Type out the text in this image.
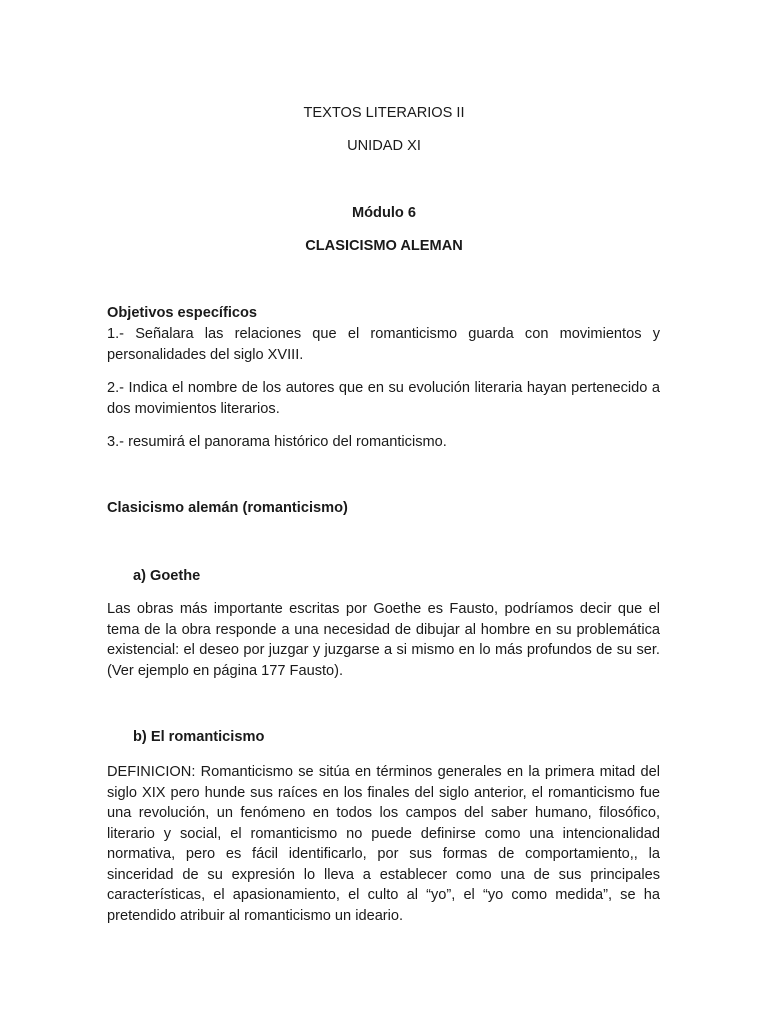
TEXTOS LITERARIOS II
UNIDAD XI
Módulo 6
CLASICISMO ALEMAN
Objetivos específicos

1.- Señalara las relaciones que el romanticismo guarda con movimientos y personalidades del siglo XVIII.

2.- Indica el nombre de los autores que en su evolución literaria hayan pertenecido a dos movimientos literarios.

3.- resumirá el panorama histórico del romanticismo.

Clasicismo alemán (romanticismo)
a) Goethe

Las obras más importante escritas por Goethe es Fausto, podríamos decir que el tema de la obra responde a una necesidad de dibujar al hombre en su problemática existencial: el deseo por juzgar y juzgarse a si mismo en lo más profundos de su ser. (Ver ejemplo en página 177 Fausto).

b) El romanticismo

DEFINICION: Romanticismo se sitúa en términos generales en la primera mitad del siglo XIX pero hunde sus raíces en los finales del siglo anterior, el romanticismo fue una revolución, un fenómeno en todos los campos del saber humano, filosófico, literario y social, el romanticismo no puede definirse como una intencionalidad normativa, pero es fácil identificarlo, por sus formas de comportamiento,, la sinceridad de su expresión lo lleva a establecer como una de sus principales características, el apasionamiento, el culto al “yo”, el “yo como medida”, se ha pretendido atribuir al romanticismo un ideario.
